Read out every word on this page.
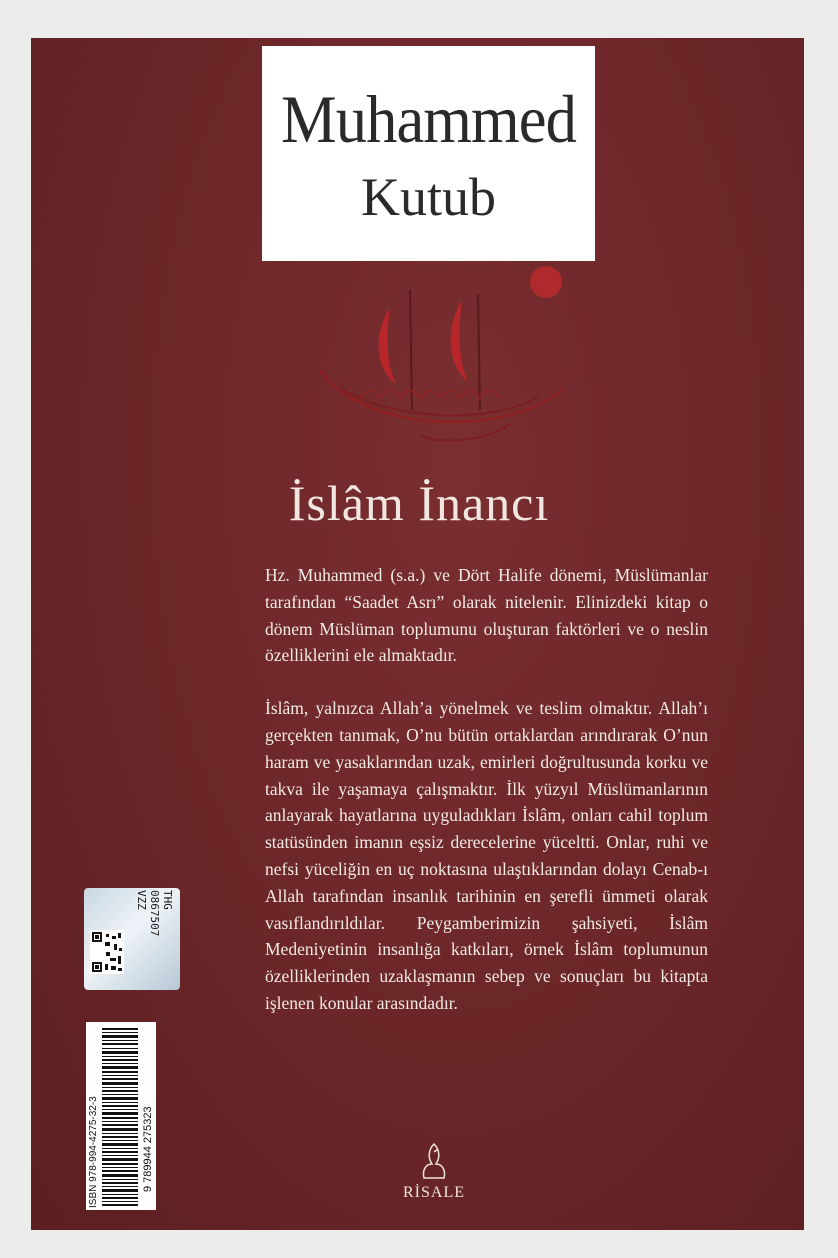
Muhammed
Kutub
İslâm İnancı

Hz. Muhammed (s.a.) ve Dört Halife dönemi, Müslümanlar tarafından “Saadet Asrı” olarak nitelenir. Elinizdeki kitap o dönem Müslüman toplumunu oluşturan faktörleri ve o neslin özelliklerini ele almaktadır.

İslâm, yalnızca Allah’a yönelmek ve teslim olmaktır. Allah’ı gerçekten tanımak, O’nu bütün ortaklardan arındırarak O’nun haram ve yasaklarından uzak, emirleri doğrultusunda korku ve takva ile yaşamaya çalışmaktır. İlk yüzyıl Müslümanlarının anlayarak hayatlarına uyguladıkları İslâm, onları cahil toplum statüsünden imanın eşsiz derecelerine yüceltti. Onlar, ruhi ve nefsi yüceliğin en uç noktasına ulaştıklarından dolayı Cenab-ı Allah tarafından insanlık tarihinin en şerefli ümmeti olarak vasıflandırıldılar. Peygamberimizin şahsiyeti, İslâm Medeniyetinin insanlığa katkıları, örnek İslâm toplumunun özelliklerinden uzaklaşmanın sebep ve sonuçları bu kitapta işlenen konular arasındadır.

THG
0867507
VZZ
ISBN 978-994-4275-32-3	9 789944 275323
RİSALE
